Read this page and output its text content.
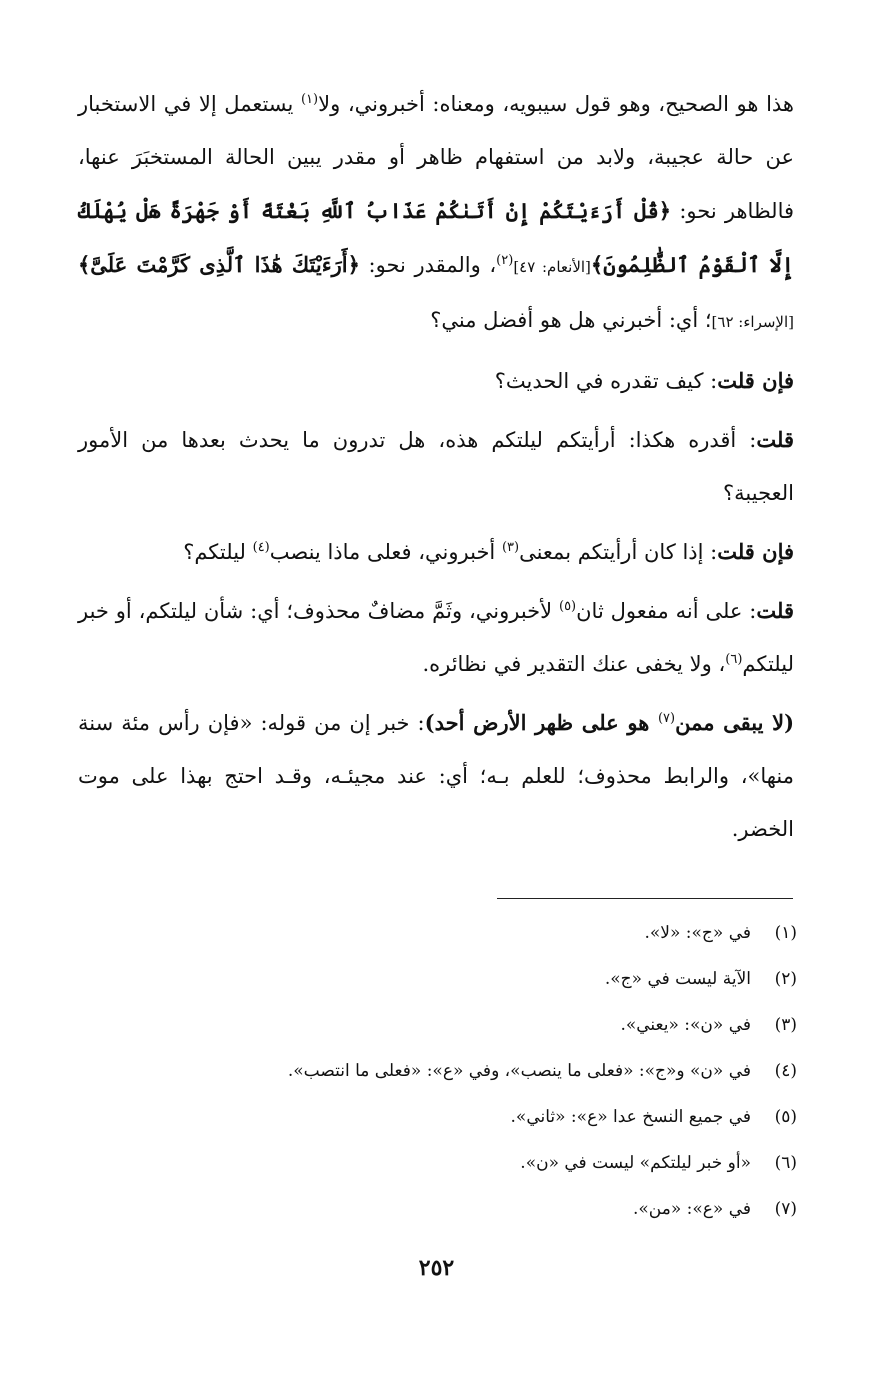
هذا هو الصحيح، وهو قول سيبويه، ومعناه: أخبروني، ولا$^{(١)}$ يستعمل إلا في الاستخبار عن حالة عجيبة، ولابد من استفهام ظاهر أو مقدر يبين الحالة المستخبَرَ عنها، فالظاهر نحو: ﴿قُلْ أَرَءَيْتَكُمْ إِنْ أَتَىٰكُمْ عَذَابُ ٱللَّهِ بَغْتَةً أَوْ جَهْرَةً هَلْ يُهْلَكُ إِلَّا ٱلْقَوْمُ ٱلظَّٰلِمُونَ﴾[الأنعام: ٤٧]$^{(٢)}$، والمقدر نحو: ﴿أَرَءَيْتَكَ هَٰذَا ٱلَّذِى كَرَّمْتَ عَلَىَّ﴾[الإسراء: ٦٢]؛ أي: أخبرني هل هو أفضل مني؟

فإن قلت: كيف تقدره في الحديث؟

قلت: أقدره هكذا: أرأيتكم ليلتكم هذه، هل تدرون ما يحدث بعدها من الأمور العجيبة؟

فإن قلت: إذا كان أرأيتكم بمعنى$^{(٣)}$ أخبروني، فعلى ماذا ينصب$^{(٤)}$ ليلتكم؟

قلت: على أنه مفعول ثان$^{(٥)}$ لأخبروني، وثَمَّ مضافٌ محذوف؛ أي: شأن ليلتكم، أو خبر ليلتكم$^{(٦)}$، ولا يخفى عنك التقدير في نظائره.

(لا يبقى ممن$^{(٧)}$ هو على ظهر الأرض أحد): خبر إن من قوله: «فإن رأس مئة سنة منها»، والرابط محذوف؛ للعلم بـه؛ أي: عند مجيئـه، وقـد احتج بهذا على موت الخضر.

(١)في «ج»: «لا».
(٢)الآية ليست في «ج».
(٣)في «ن»: «يعني».
(٤)في «ن» و«ج»: «فعلى ما ينصب»، وفي «ع»: «فعلى ما انتصب».
(٥)في جميع النسخ عدا «ع»: «ثاني».
(٦)«أو خبر ليلتكم» ليست في «ن».
(٧)في «ع»: «من».
٢٥٢
